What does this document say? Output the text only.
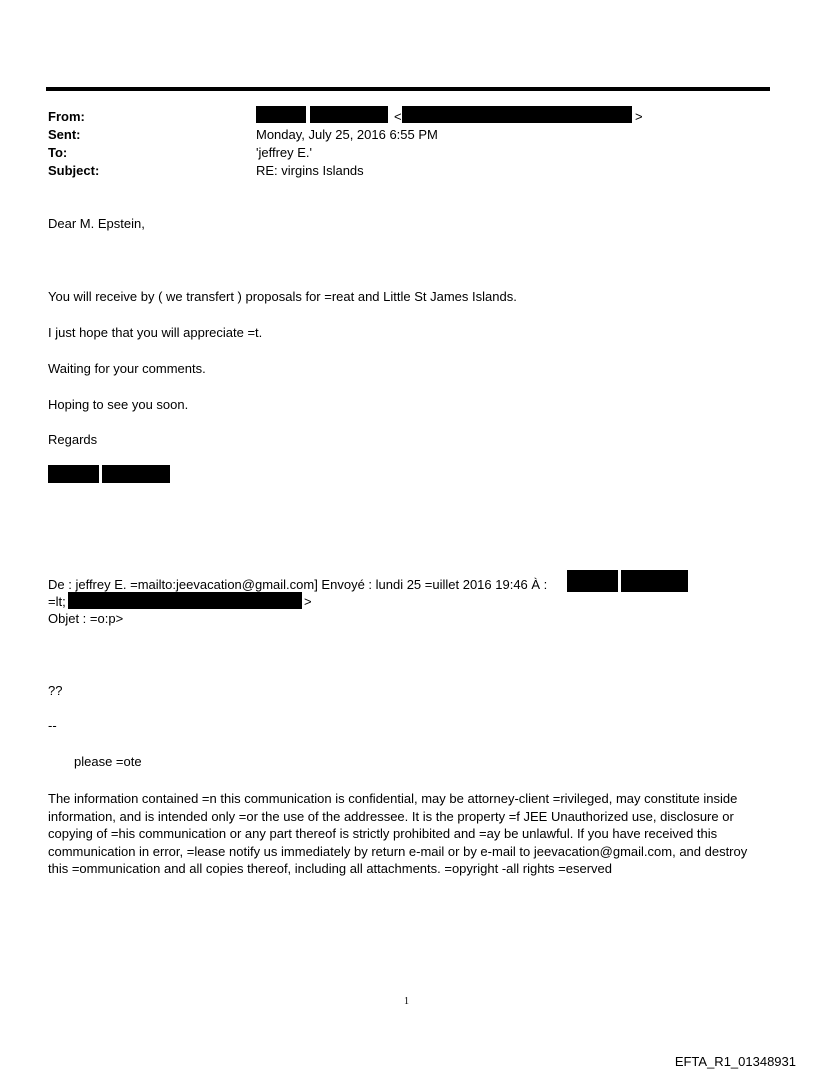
From:	<	>
Sent:	Monday, July 25, 2016 6:55 PM
To:	'jeffrey E.'
Subject:	RE: virgins Islands
Dear M. Epstein,
You will receive by ( we transfert ) proposals for =reat and Little St James Islands.
I just hope that you will appreciate =t.
Waiting for your comments.
Hoping to see you soon.
Regards
De : jeffrey E. =mailto:jeevacation@gmail.com] Envoyé : lundi 25 =uillet 2016 19:46 À :
=lt;	>
Objet : =o:p>
??
--
please =ote
The information contained =n this communication is confidential, may be attorney-client =rivileged, may constitute inside information, and is intended only =or the use of the addressee. It is the property =f JEE Unauthorized use, disclosure or copying of =his communication or any part thereof is strictly prohibited and =ay be unlawful. If you have received this communication in error, =lease notify us immediately by return e-mail or by e-mail to jeevacation@gmail.com, and destroy this =ommunication and all copies thereof, including all attachments. =opyright -all rights =eserved
1
EFTA_R1_01348931
